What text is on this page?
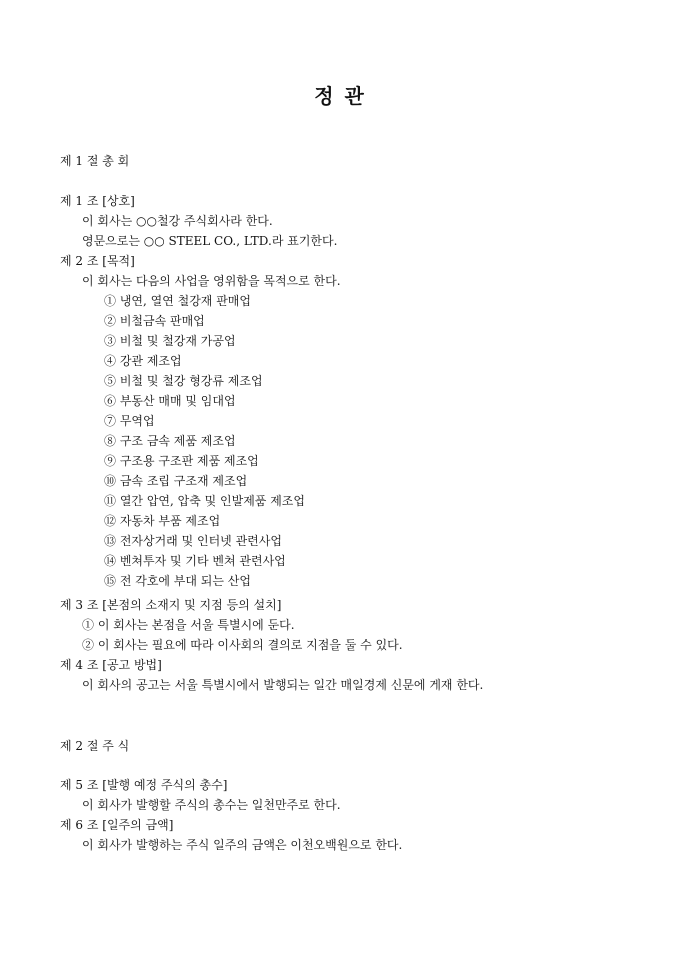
정 관
제 1 절 총 회
제 1 조 [상호]
이 회사는 ○○철강 주식회사라 한다.
영문으로는 ○○ STEEL CO., LTD.라 표기한다.
제 2 조 [목적]
이 회사는 다음의 사업을 영위함을 목적으로 한다.
① 냉연, 열연 철강재 판매업
② 비철금속 판매업
③ 비철 및 철강재 가공업
④ 강관 제조업
⑤ 비철 및 철강 형강류 제조업
⑥ 부동산 매매 및 임대업
⑦ 무역업
⑧ 구조 금속 제품 제조업
⑨ 구조용 구조판 제품 제조업
⑩ 금속 조립 구조재 제조업
⑪ 열간 압연, 압축 및 인발제품 제조업
⑫ 자동차 부품 제조업
⑬ 전자상거래 및 인터넷 관련사업
⑭ 벤쳐투자 및 기타 벤쳐 관련사업
⑮ 전 각호에 부대 되는 산업
제 3 조 [본점의 소재지 및 지점 등의 설치]
① 이 회사는 본점을 서울 특별시에 둔다.
② 이 회사는 필요에 따라 이사회의 결의로 지점을 둘 수 있다.
제 4 조 [공고 방법]
이 회사의 공고는 서울 특별시에서 발행되는 일간 매일경제 신문에 게재 한다.
제 2 절 주 식
제 5 조 [발행 예정 주식의 총수]
이 회사가 발행할 주식의 총수는 일천만주로 한다.
제 6 조 [일주의 금액]
이 회사가 발행하는 주식 일주의 금액은 이천오백원으로 한다.
